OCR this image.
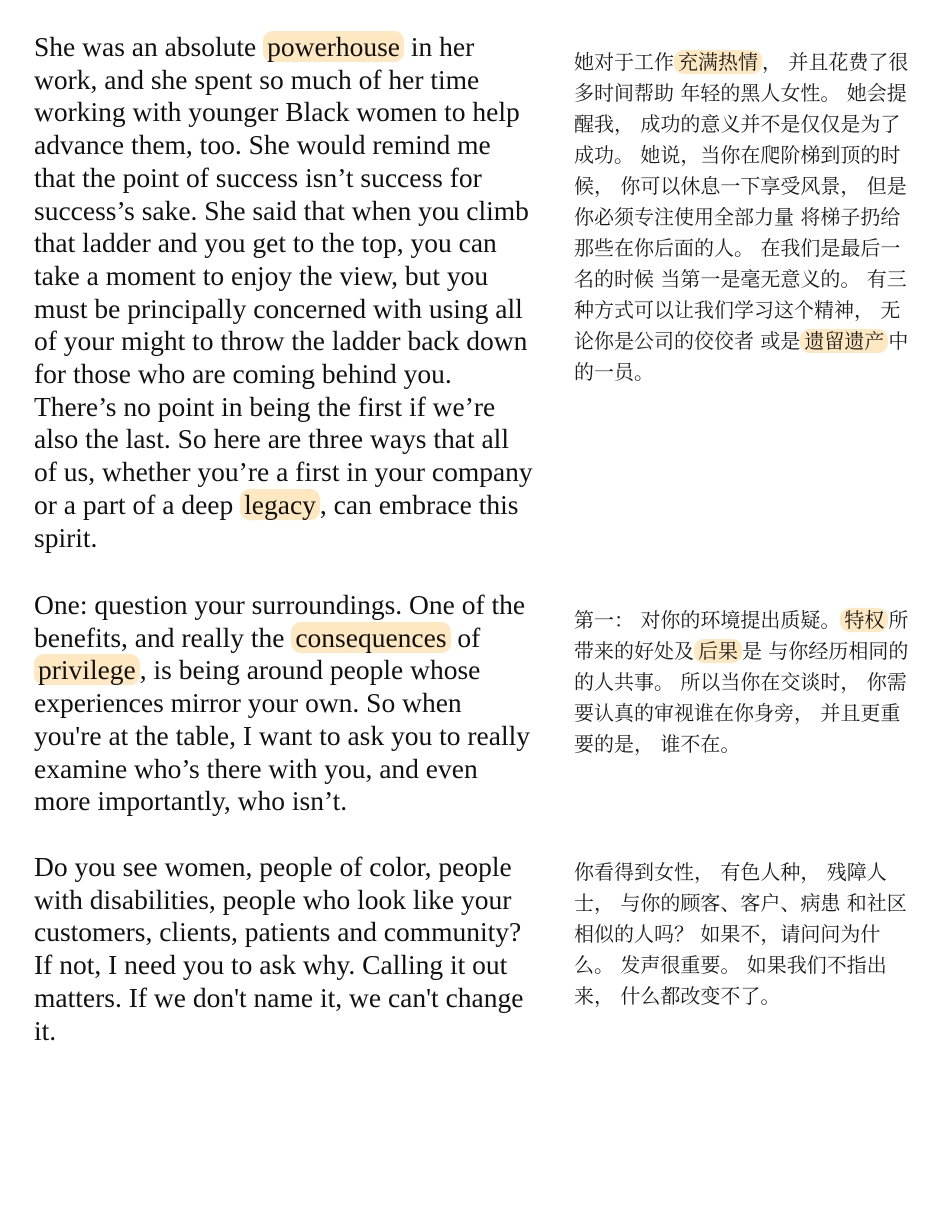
She was an absolute powerhouse in her work, and she spent so much of her time working with younger Black women to help advance them, too. She would remind me that the point of success isn’t success for success’s sake. She said that when you climb that ladder and you get to the top, you can take a moment to enjoy the view, but you must be principally concerned with using all of your might to throw the ladder back down for those who are coming behind you. There’s no point in being the first if we’re also the last. So here are three ways that all of us, whether you’re a first in your company or a part of a deep legacy , can embrace this spirit.

One: question your surroundings. One of the benefits, and really the consequences of privilege , is being around people whose experiences mirror your own. So when you're at the table, I want to ask you to really examine who’s there with you, and even more importantly, who isn’t.

Do you see women, people of color, people with disabilities, people who look like your customers, clients, patients and community? If not, I need you to ask why. Calling it out matters. If we don't name it, we can't change it.

她对于工作 充满热情 ， 并且花费了很多时间帮助 年轻的黑人女性。 她会提醒我， 成功的意义并不是仅仅是为了成功。 她说，当你在爬阶梯到顶的时候， 你可以休息一下享受风景， 但是你必须专注使用全部力量 将梯子扔给那些在你后面的人。 在我们是最后一名的时候 当第一是毫无意义的。 有三种方式可以让我们学习这个精神， 无论你是公司的佼佼者 或是 遗留遗产 中的一员。

第一： 对你的环境提出质疑。 特权 所带来的好处及 后果 是 与你经历相同的的人共事。 所以当你在交谈时， 你需要认真的审视谁在你身旁， 并且更重要的是， 谁不在。

你看得到女性， 有色人种， 残障人士， 与你的顾客、客户、病患 和社区相似的人吗？ 如果不，请问问为什么。 发声很重要。 如果我们不指出来， 什么都改变不了。
